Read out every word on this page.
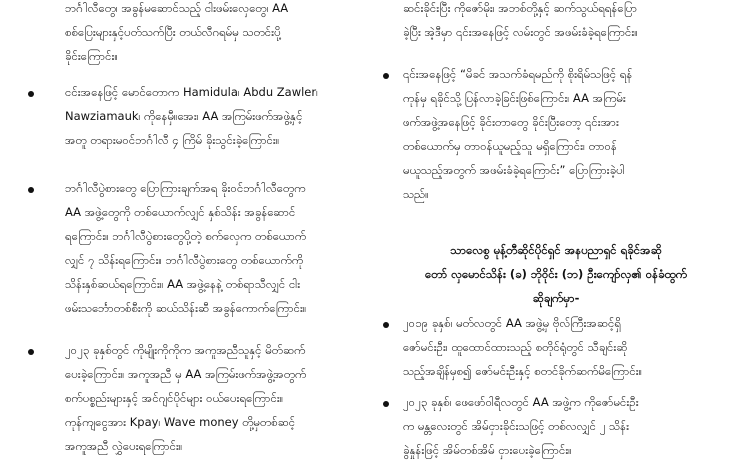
ဘင်္ဂါလီတွေ၊ အခွန်မဆောင်သည့် ငါးဖမ်းလှေတွေ၊ AA
စစ်ပြေးများနှင့်ပတ်သက်ပြီး တယ်လီဂရမ်မှ သတင်းပို့
ခိုင်းကြောင်း။
ငင်းအနေဖြင့် မောင်တောက Hamidula၊ Abdu Zawler၊
Nawziamauk၊ ကိုနေမှီ။အေး၊ AA အကြမ်းဖက်အဖွဲ့နှင့်
အတူ တရားမဝင်ဘင်္ဂါလီ ၄ ကြိမ် ခိုးသွင်းခဲ့ကြောင်း။
ဘင်္ဂါလီပွဲစားတွေ ပြောကြားချက်အရ ခိုးဝင်ဘင်္ဂါလီတွေက
AA အဖွဲ့တွေကို တစ်ယောက်လျှင် နှစ်သိန်း အခွန်ဆောင်
ရကြောင်း။ ဘင်္ဂါလီပွဲစားတွေပို့တဲ့ စက်လှေက တစ်ယောက်
လျှင် ၇ သိန်းရကြောင်း။ ဘင်္ဂါလီပွဲစားတွေ တစ်ယောက်ကို
သိန်းနှစ်ဆယ်ရကြောင်း။ AA အဖွဲ့နေနဲ့ တစ်ရာသီလျှင် ငါး
ဖမ်းသင်္ဘောတစ်စီးကို ဆယ်သိန်းဆီ အခွန်ကောက်ကြောင်း။
၂၀၂၃ ခုနှစ်တွင် ကိုမျိုးကိုကိုက အကူအညီသူနှင့် မိတ်ဆက်
ပေးခဲ့ကြောင်း။ အကူအညီ မှ AA အကြမ်းဖက်အဖွဲ့အတွက်
စက်ပစ္စည်းများနှင့် အင်ဂျင်ပိုင်များ ဝယ်ပေးရကြောင်း။
ကုန်ကျငွေအား Kpay၊ Wave money တို့မှတစ်ဆင့်
အကူအညီ လွှဲပေးရကြောင်း။
ဆင်းခိုင်းပြီး ကိုဇော်မိုး၊ အဘစ်တို့နှင့် ဆက်သွယ်ရရန်ပြော
ခဲ့ပြီး အဲ့ဒီမှာ ၎င်းအနေဖြင့် လမ်းတွင် အဖမ်းခံခဲ့ရကြောင်း။
၎င်းအနေဖြင့် “မိခင် အသက်ခံရမည်ကို စိုးရိမ်သဖြင့် ရန်
ကုန်မှ ရခိုင်သို့ ပြန်လာခဲ့ခြင်းဖြစ်ကြောင်း၊ AA အကြမ်း
ဖက်အဖွဲ့အနေဖြင့် ခိုင်းတာတွေ ခိုင်းပြီးတော့ ၎င်းအား
တစ်ယောက်မှ တာဝန်ယူမည့်သူ မရှိကြောင်း၊ တာဝန်
မယူသည့်အတွက် အဖမ်းခံခဲ့ရကြောင်း” ပြောကြားခဲ့ပါ
သည်။
သာလေစွ မုန့်တီဆိုင်ပိုင်ရှင် အနပညာရှင် ရခိုင်အဆို
တော် လှမောင်သိန်း (ခ) ဘိုဝိုင်း (ဘ) ဦးကျော်လှ၏ ဝန်ခံထွက်
ဆိုချက်မှာ-
၂၀၁၉ ခုနှစ်၊ မတ်လတွင် AA အဖွဲ့မှ ဗိုလ်ကြီးအဆင့်ရှိ
ဇော်မင်းဦး၊ ထူထောင်ထားသည့် စတိုင်ရုံတွင် သီချင်းဆို
သည့်အချိန်မှစ၍ ဇော်မင်းဦးနှင့် စတင်ခိုက်ဆက်မိကြောင်း။
၂၀၂၃ ခုနှစ်၊ ဖေဖော်ဝါရီလတွင် AA အဖွဲ့က ကိုဇော်မင်းဦး
က မန္တလေးတွင် အိမ်ငှားခိုင်းသဖြင့် တစ်လလျှင် ၂ သိန်း
ခွဲနှုန်းဖြင့် အိမ်တစ်အိမ် ငှားပေးခဲ့ကြောင်း။
